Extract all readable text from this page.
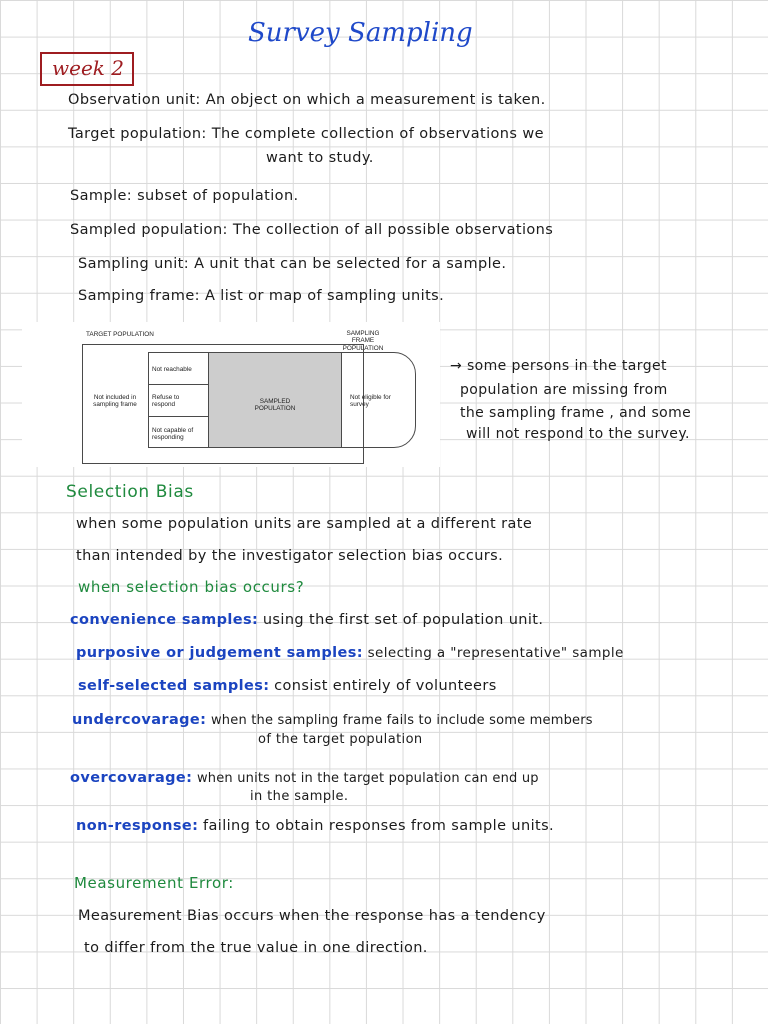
Survey Sampling
week 2
Observation unit: An object on which a measurement is taken.
Target population: The complete collection of observations we
want to study.
Sample: subset of population.
Sampled population: The collection of all possible observations
Sampling unit: A unit that can be selected for a sample.
Samping frame: A list or map of sampling units.
TARGET POPULATION	SAMPLING FRAME POPULATION
Not included in sampling frame
Not reachable
Refuse to respond
Not capable of responding
SAMPLED POPULATION
Not eligible for survey
→ some persons in the target
population are missing from
the sampling frame , and some
will not respond to the survey.
Selection Bias
when some population units are sampled at a different rate
than intended by the investigator selection bias occurs.
when selection bias occurs?
convenience samples: using the first set of population unit.
purposive or judgement samples: selecting a "representative" sample
self-selected samples: consist entirely of volunteers
undercovarage: when the sampling frame fails to include some members
of the target population
overcovarage: when units not in the target population can end up
in the sample.
non-response: failing to obtain responses from sample units.
Measurement Error:
Measurement Bias occurs when the response has a tendency
to differ from the true value in one direction.
